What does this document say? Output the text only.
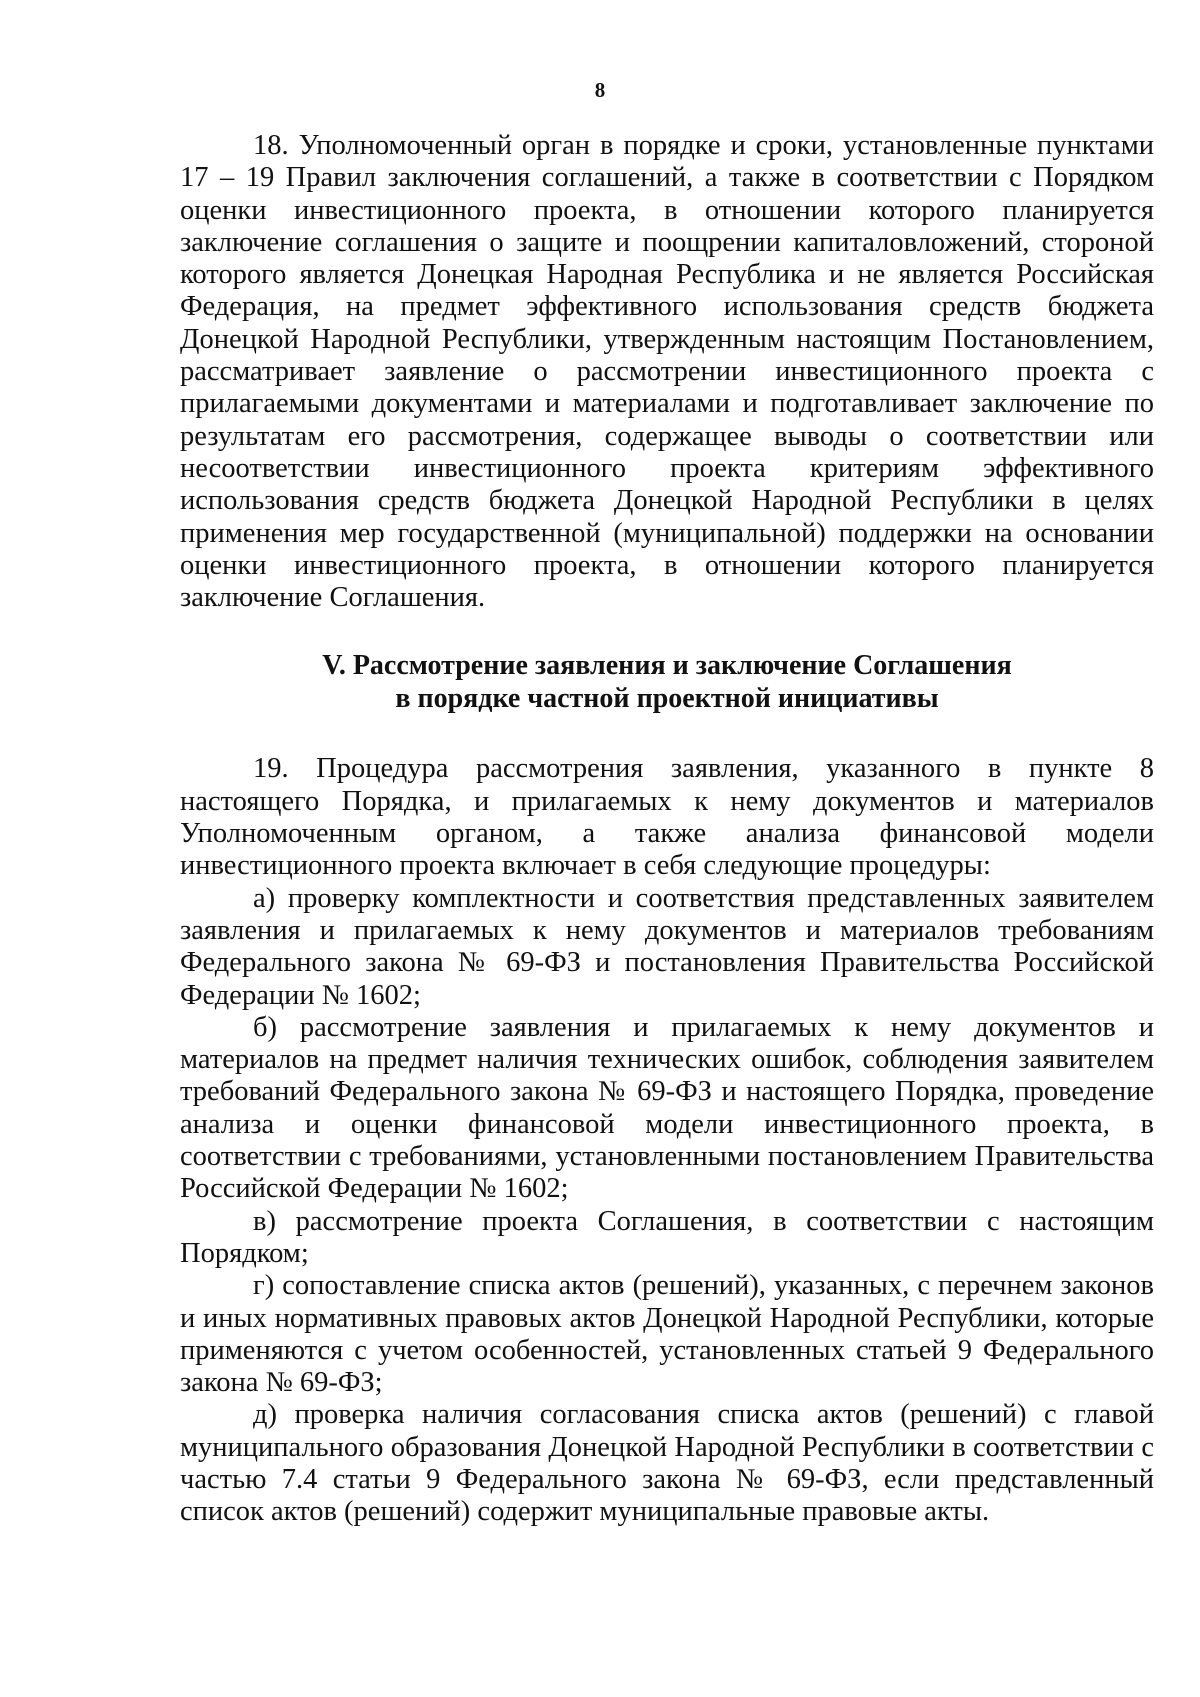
8

18. Уполномоченный орган в порядке и сроки, установленные пунктами 17 – 19 Правил заключения соглашений, а также в соответствии с Порядком оценки инвестиционного проекта, в отношении которого планируется заключение соглашения о защите и поощрении капиталовложений, стороной которого является Донецкая Народная Республика и не является Российская Федерация, на предмет эффективного использования средств бюджета Донецкой Народной Республики, утвержденным настоящим Постановлением, рассматривает заявление о рассмотрении инвестиционного проекта с прилагаемыми документами и материалами и подготавливает заключение по результатам его рассмотрения, содержащее выводы о соответствии или несоответствии инвестиционного проекта критериям эффективного использования средств бюджета Донецкой Народной Республики в целях применения мер государственной (муниципальной) поддержки на основании оценки инвестиционного проекта, в отношении которого планируется заключение Соглашения.

V. Рассмотрение заявления и заключение Соглашения
в порядке частной проектной инициативы

19. Процедура рассмотрения заявления, указанного в пункте 8 настоящего Порядка, и прилагаемых к нему документов и материалов Уполномоченным органом, а также анализа финансовой модели инвестиционного проекта включает в себя следующие процедуры:

а) проверку комплектности и соответствия представленных заявителем заявления и прилагаемых к нему документов и материалов требованиям Федерального закона № 69-ФЗ и постановления Правительства Российской Федерации № 1602;

б) рассмотрение заявления и прилагаемых к нему документов и материалов на предмет наличия технических ошибок, соблюдения заявителем требований Федерального закона № 69-ФЗ и настоящего Порядка, проведение анализа и оценки финансовой модели инвестиционного проекта, в соответствии с требованиями, установленными постановлением Правительства Российской Федерации № 1602;

в) рассмотрение проекта Соглашения, в соответствии с настоящим Порядком;

г) сопоставление списка актов (решений), указанных, с перечнем законов и иных нормативных правовых актов Донецкой Народной Республики, которые применяются с учетом особенностей, установленных статьей 9 Федерального закона № 69-ФЗ;

д) проверка наличия согласования списка актов (решений) с главой муниципального образования Донецкой Народной Республики в соответствии с частью 7.4 статьи 9 Федерального закона № 69-ФЗ, если представленный список актов (решений) содержит муниципальные правовые акты.
